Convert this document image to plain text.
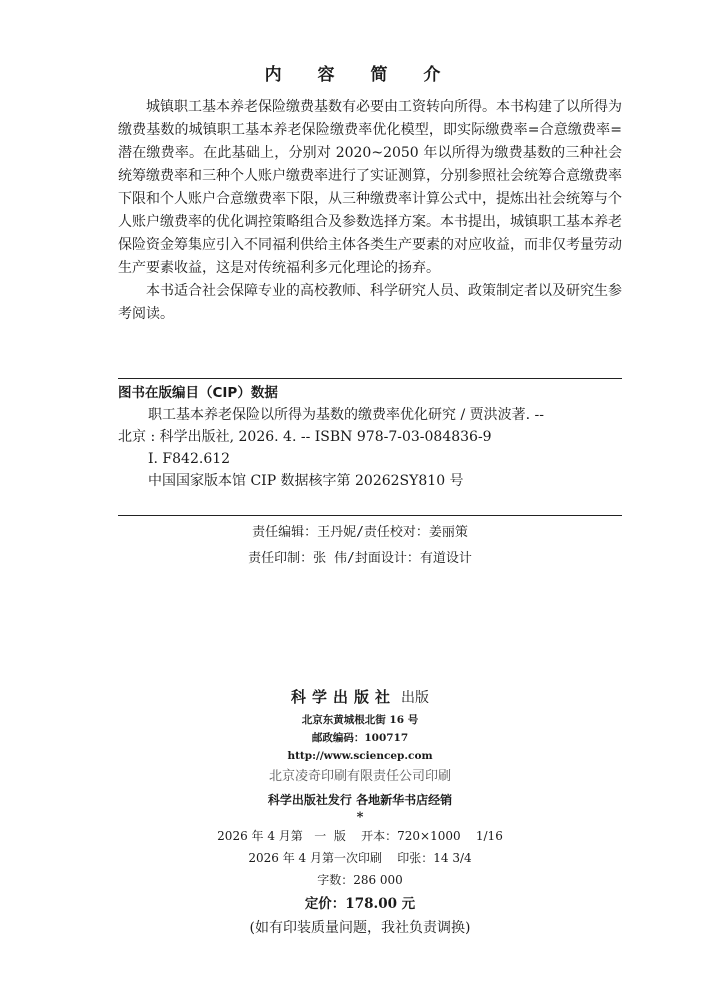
内 容 简 介

城镇职工基本养老保险缴费基数有必要由工资转向所得。本书构建了以所得为缴费基数的城镇职工基本养老保险缴费率优化模型，即实际缴费率=合意缴费率=潜在缴费率。在此基础上，分别对 2020~2050 年以所得为缴费基数的三种社会统筹缴费率和三种个人账户缴费率进行了实证测算，分别参照社会统筹合意缴费率下限和个人账户合意缴费率下限，从三种缴费率计算公式中，提炼出社会统筹与个人账户缴费率的优化调控策略组合及参数选择方案。本书提出，城镇职工基本养老保险资金筹集应引入不同福利供给主体各类生产要素的对应收益，而非仅考量劳动生产要素收益，这是对传统福利多元化理论的扬弃。

本书适合社会保障专业的高校教师、科学研究人员、政策制定者以及研究生参考阅读。

图书在版编目（CIP）数据
职工基本养老保险以所得为基数的缴费率优化研究 / 贾洪波著. --
北京 : 科学出版社, 2026. 4. -- ISBN 978-7-03-084836-9
Ⅰ. F842.612
中国国家版本馆 CIP 数据核字第 20262SY810 号
责任编辑：王丹妮/责任校对：姜丽策
责任印制：张 伟/封面设计：有道设计
科学出版社 出版
北京东黄城根北街 16 号
邮政编码：100717
http://www.sciencep.com
北京凌奇印刷有限责任公司印刷
科学出版社发行 各地新华书店经销
*
2026 年 4 月第   一  版    开本：720×1000    1/16
2026 年 4 月第一次印刷    印张：14 3/4
字数：286 000
定价：178.00 元
(如有印装质量问题，我社负责调换)
